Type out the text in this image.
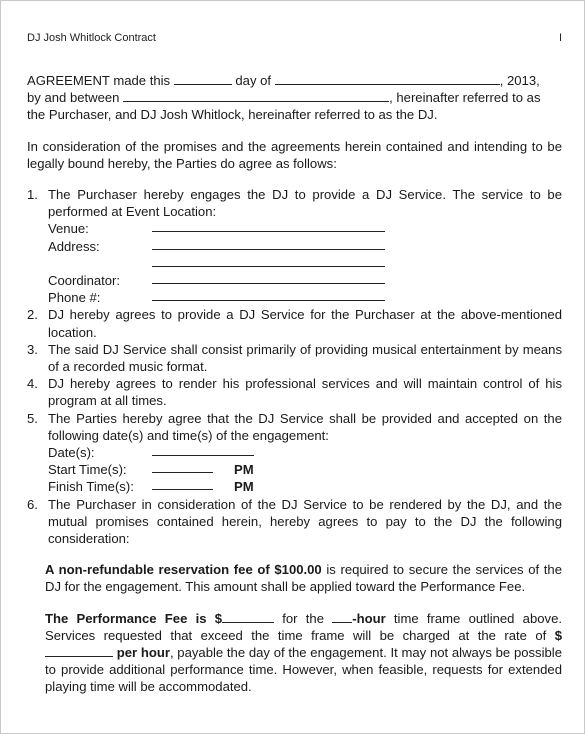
DJ Josh Whitlock Contract	I

AGREEMENT made this	day of	, 2013,
by and between	, hereinafter referred to as
the Purchaser, and DJ Josh Whitlock, hereinafter referred to as the DJ.

In consideration of the promises and the agreements herein contained and intending to be legally bound hereby, the Parties do agree as follows:

1. The Purchaser hereby engages the DJ to provide a DJ Service. The service to be performed at Event Location:
Venue:
Address:
Coordinator:
Phone #:
2. DJ hereby agrees to provide a DJ Service for the Purchaser at the above-mentioned location.
3. The said DJ Service shall consist primarily of providing musical entertainment by means of a recorded music format.
4. DJ hereby agrees to render his professional services and will maintain control of his program at all times.
5. The Parties hereby agree that the DJ Service shall be provided and accepted on the following date(s) and time(s) of the engagement:
Date(s):
Start Time(s):	PM
Finish Time(s):	PM
6. The Purchaser in consideration of the DJ Service to be rendered by the DJ, and the mutual promises contained herein, hereby agrees to pay to the DJ the following consideration:

A non-refundable reservation fee of $100.00 is required to secure the services of the DJ for the engagement. This amount shall be applied toward the Performance Fee.

The Performance Fee is $	for the -hour time frame outlined above. Services requested that exceed the time frame will be charged at the rate of $ per hour, payable the day of the engagement. It may not always be possible to provide additional performance time. However, when feasible, requests for extended playing time will be accommodated.
